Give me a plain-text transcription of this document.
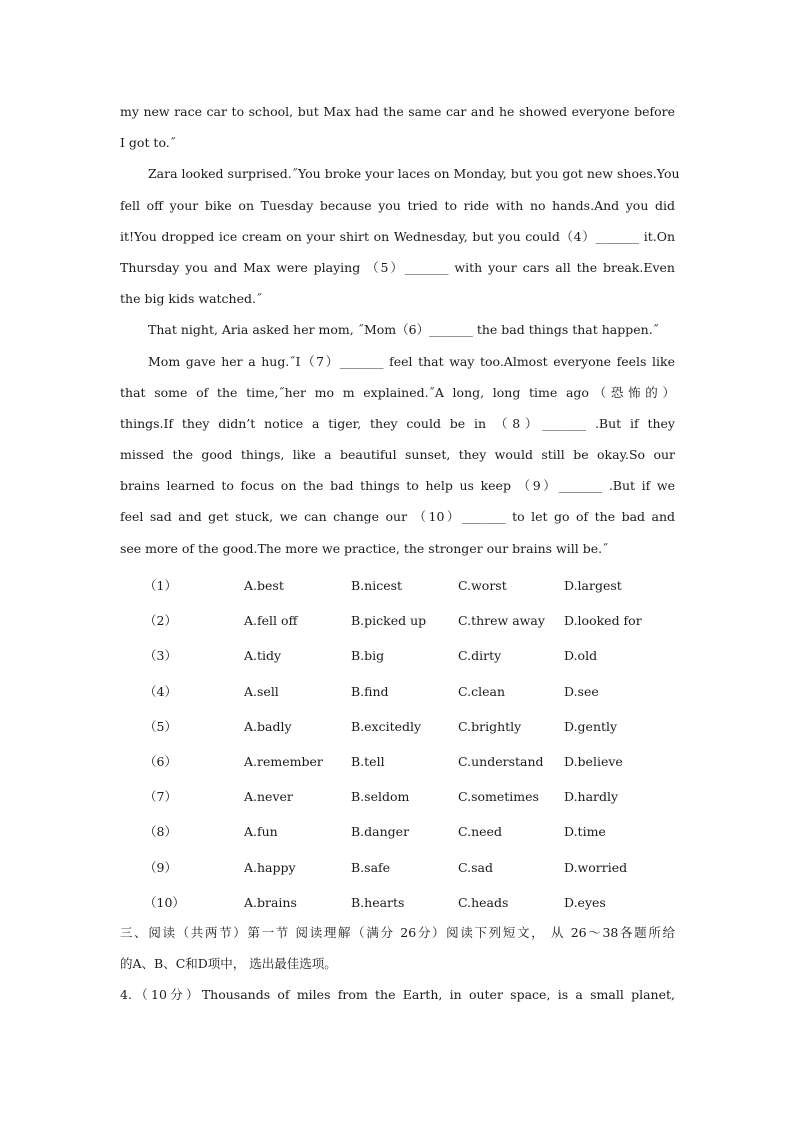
my new race car to school, but Max had the same car and he showed everyone before
I got to.˝
Zara looked surprised.˝You broke your laces on Monday, but you got new shoes.You
fell off your bike on Tuesday because you tried to ride with no hands.And you did
it!You dropped ice cream on your shirt on Wednesday, but you could（4）_______ it.On
Thursday you and Max were playing （5）_______ with your cars all the break.Even
the big kids watched.˝
That night, Aria asked her mom, ˝Mom（6）_______ the bad things that happen.˝
Mom gave her a hug.˝I（7）_______ feel that way too.Almost everyone feels like
that some of the time,˝her mo m explained.˝A long, long time ago（恐怖的）
things.If they didn’t notice a tiger, they could be in （8）_______ .But if they
missed the good things, like a beautiful sunset, they would still be okay.So our
brains learned to focus on the bad things to help us keep （9）_______ .But if we
feel sad and get stuck, we can change our （10）_______ to let go of the bad and
see more of the good.The more we practice, the stronger our brains will be.˝
（1）	A.best	B.nicest	C.worst	D.largest
（2）	A.fell off	B.picked up	C.threw away D.looked for
（3）	A.tidy	B.big	C.dirty	D.old
（4）	A.sell	B.find	C.clean	D.see
（5）	A.badly	B.excitedly	C.brightly	D.gently
（6）	A.remember B.tell	C.understand D.believe
（7）	A.never	B.seldom	C.sometimes D.hardly
（8）	A.fun	B.danger	C.need	D.time
（9）	A.happy	B.safe	C.sad	D.worried
（10）	A.brains	B.hearts	C.heads	D.eyes
三、阅读（共两节）第一节 阅读理解（满分 26分）阅读下列短文， 从 26～38各题所给
的A、B、C和D项中， 选出最佳选项。
4.（10分）Thousands of miles from the Earth, in outer space, is a small planet,
